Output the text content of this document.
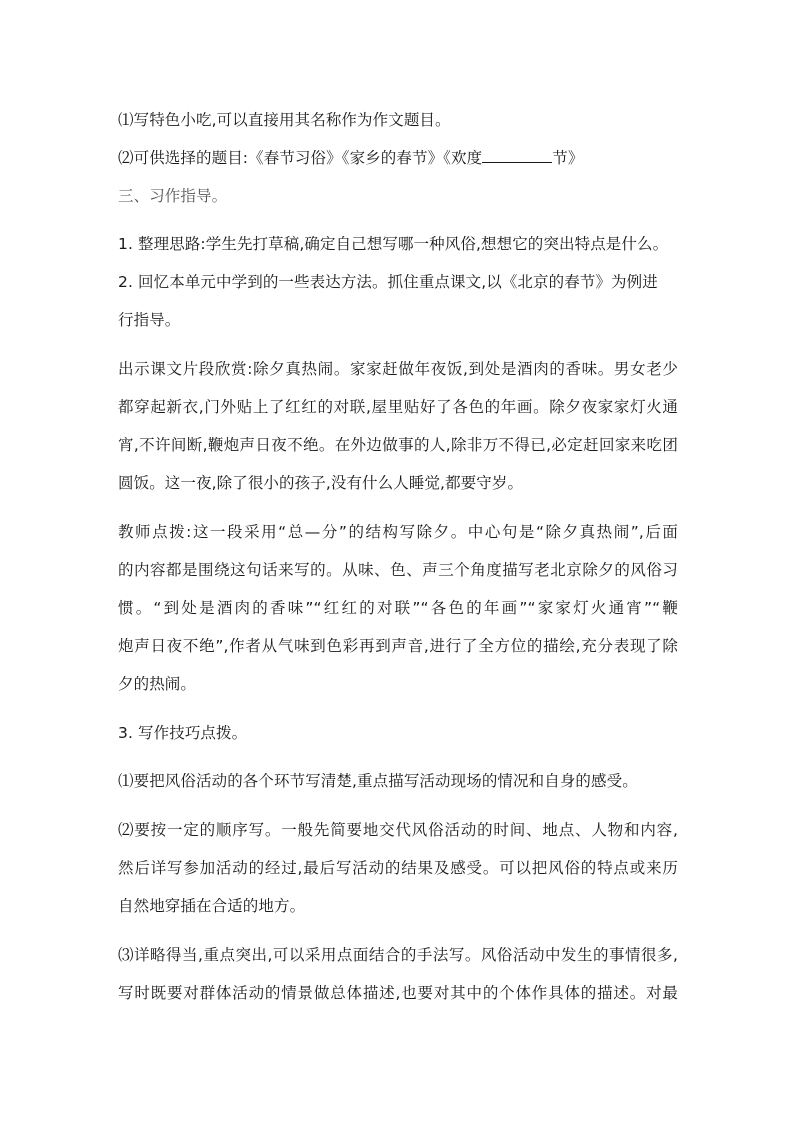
⑴写特色小吃,可以直接用其名称作为作文题目。
⑵可供选择的题目:《春节习俗》《家乡的春节》《欢度	节》
三、习作指导。
1. 整理思路:学生先打草稿,确定自己想写哪一种风俗,想想它的突出特点是什么。
2. 回忆本单元中学到的一些表达方法。抓住重点课文,以《北京的春节》为例进
行指导。
出示课文片段欣赏:除夕真热闹。家家赶做年夜饭,到处是酒肉的香味。男女老少
都穿起新衣,门外贴上了红红的对联,屋里贴好了各色的年画。除夕夜家家灯火通
宵,不许间断,鞭炮声日夜不绝。在外边做事的人,除非万不得已,必定赶回家来吃团
圆饭。这一夜,除了很小的孩子,没有什么人睡觉,都要守岁。
教师点拨:这一段采用“总—分”的结构写除夕。中心句是“除夕真热闹”,后面
的内容都是围绕这句话来写的。从味、色、声三个角度描写老北京除夕的风俗习
惯。“到处是酒肉的香味”“红红的对联”“各色的年画”“家家灯火通宵”“鞭
炮声日夜不绝”,作者从气味到色彩再到声音,进行了全方位的描绘,充分表现了除
夕的热闹。
3. 写作技巧点拨。
⑴要把风俗活动的各个环节写清楚,重点描写活动现场的情况和自身的感受。
⑵要按一定的顺序写。一般先简要地交代风俗活动的时间、地点、人物和内容,
然后详写参加活动的经过,最后写活动的结果及感受。可以把风俗的特点或来历
自然地穿插在合适的地方。
⑶详略得当,重点突出,可以采用点面结合的手法写。风俗活动中发生的事情很多,
写时既要对群体活动的情景做总体描述,也要对其中的个体作具体的描述。对最
